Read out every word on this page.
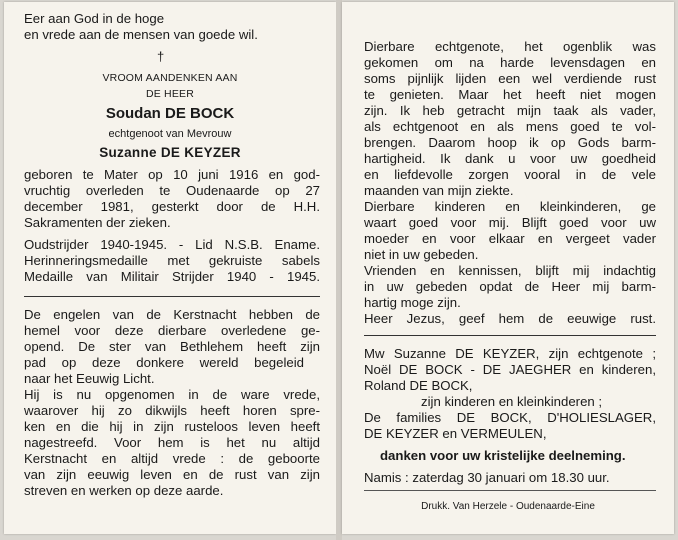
Eer aan God in de hoge
en vrede aan de mensen van goede wil.
†
VROOM AANDENKEN AAN
DE HEER
Soudan DE BOCK
echtgenoot van Mevrouw
Suzanne DE KEYZER
geboren te Mater op 10 juni 1916 en god-
vruchtig overleden te Oudenaarde op 27
december 1981, gesterkt door de H.H.
Sakramenten der zieken.
Oudstrijder 1940-1945. - Lid N.S.B. Ename.
Herinneringsmedaille met gekruiste sabels
Medaille van Militair Strijder 1940 - 1945.
De engelen van de Kerstnacht hebben de
hemel voor deze dierbare overledene ge-
opend. De ster van Bethlehem heeft zijn
pad op deze donkere wereld begeleid
naar het Eeuwig Licht.
Hij is nu opgenomen in de ware vrede,
waarover hij zo dikwijls heeft horen spre-
ken en die hij in zijn rusteloos leven heeft
nagestreefd. Voor hem is het nu altijd
Kerstnacht en altijd vrede : de geboorte
van zijn eeuwig leven en de rust van zijn
streven en werken op deze aarde.
Dierbare echtgenote, het ogenblik was
gekomen om na harde levensdagen en
soms pijnlijk lijden een wel verdiende rust
te genieten. Maar het heeft niet mogen
zijn. Ik heb getracht mijn taak als vader,
als echtgenoot en als mens goed te vol-
brengen. Daarom hoop ik op Gods barm-
hartigheid. Ik dank u voor uw goedheid
en liefdevolle zorgen vooral in de vele
maanden van mijn ziekte.
Dierbare kinderen en kleinkinderen, ge
waart goed voor mij. Blijft goed voor uw
moeder en voor elkaar en vergeet vader
niet in uw gebeden.
Vrienden en kennissen, blijft mij indachtig
in uw gebeden opdat de Heer mij barm-
hartig moge zijn.
Heer Jezus, geef hem de eeuwige rust.
Mw Suzanne DE KEYZER, zijn echtgenote ;
Noël DE BOCK - DE JAEGHER en kinderen,
Roland DE BOCK,
zijn kinderen en kleinkinderen ;
De families DE BOCK, D'HOLIESLAGER,
DE KEYZER en VERMEULEN,
danken voor uw kristelijke deelneming.
Namis : zaterdag 30 januari om 18.30 uur.
Drukk. Van Herzele - Oudenaarde-Eine
